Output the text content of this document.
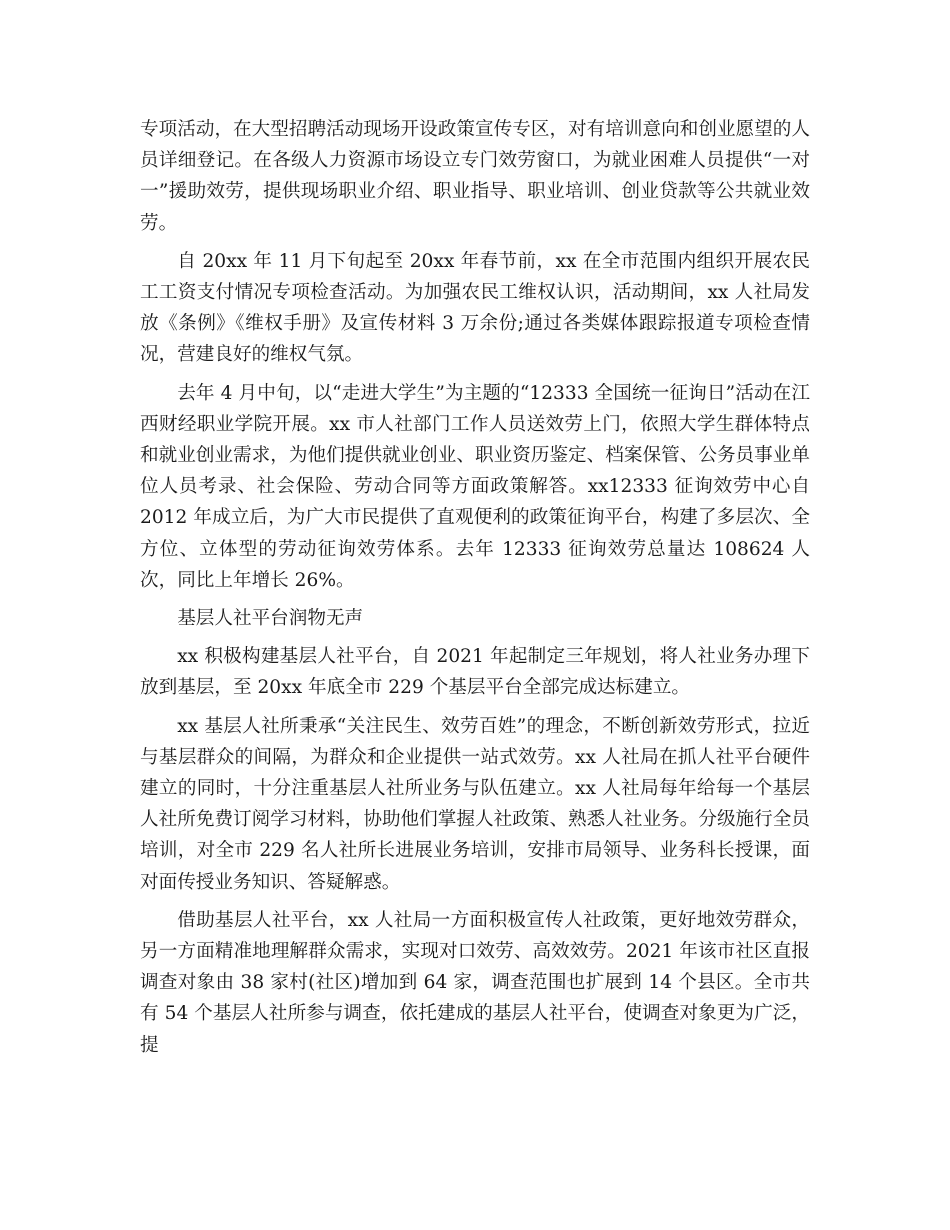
专项活动，在大型招聘活动现场开设政策宣传专区，对有培训意向和创业愿望的人员详细登记。在各级人力资源市场设立专门效劳窗口，为就业困难人员提供“一对一”援助效劳，提供现场职业介绍、职业指导、职业培训、创业贷款等公共就业效劳。

自 20xx 年 11 月下旬起至 20xx 年春节前，xx 在全市范围内组织开展农民工工资支付情况专项检查活动。为加强农民工维权认识，活动期间，xx 人社局发放《条例》《维权手册》及宣传材料 3 万余份;通过各类媒体跟踪报道专项检查情况，营建良好的维权气氛。

去年 4 月中旬，以“走进大学生”为主题的“12333 全国统一征询日”活动在江西财经职业学院开展。xx 市人社部门工作人员送效劳上门，依照大学生群体特点和就业创业需求，为他们提供就业创业、职业资历鉴定、档案保管、公务员事业单位人员考录、社会保险、劳动合同等方面政策解答。xx12333 征询效劳中心自 2012 年成立后，为广大市民提供了直观便利的政策征询平台，构建了多层次、全方位、立体型的劳动征询效劳体系。去年 12333 征询效劳总量达 108624 人次，同比上年增长 26%。

基层人社平台润物无声

xx 积极构建基层人社平台，自 2021 年起制定三年规划，将人社业务办理下放到基层，至 20xx 年底全市 229 个基层平台全部完成达标建立。

xx 基层人社所秉承“关注民生、效劳百姓”的理念，不断创新效劳形式，拉近与基层群众的间隔，为群众和企业提供一站式效劳。xx 人社局在抓人社平台硬件建立的同时，十分注重基层人社所业务与队伍建立。xx 人社局每年给每一个基层人社所免费订阅学习材料，协助他们掌握人社政策、熟悉人社业务。分级施行全员培训，对全市 229 名人社所长进展业务培训，安排市局领导、业务科长授课，面对面传授业务知识、答疑解惑。

借助基层人社平台，xx 人社局一方面积极宣传人社政策，更好地效劳群众，另一方面精准地理解群众需求，实现对口效劳、高效效劳。2021 年该市社区直报调查对象由 38 家村(社区)增加到 64 家，调查范围也扩展到 14 个县区。全市共有 54 个基层人社所参与调查，依托建成的基层人社平台，使调查对象更为广泛，提
